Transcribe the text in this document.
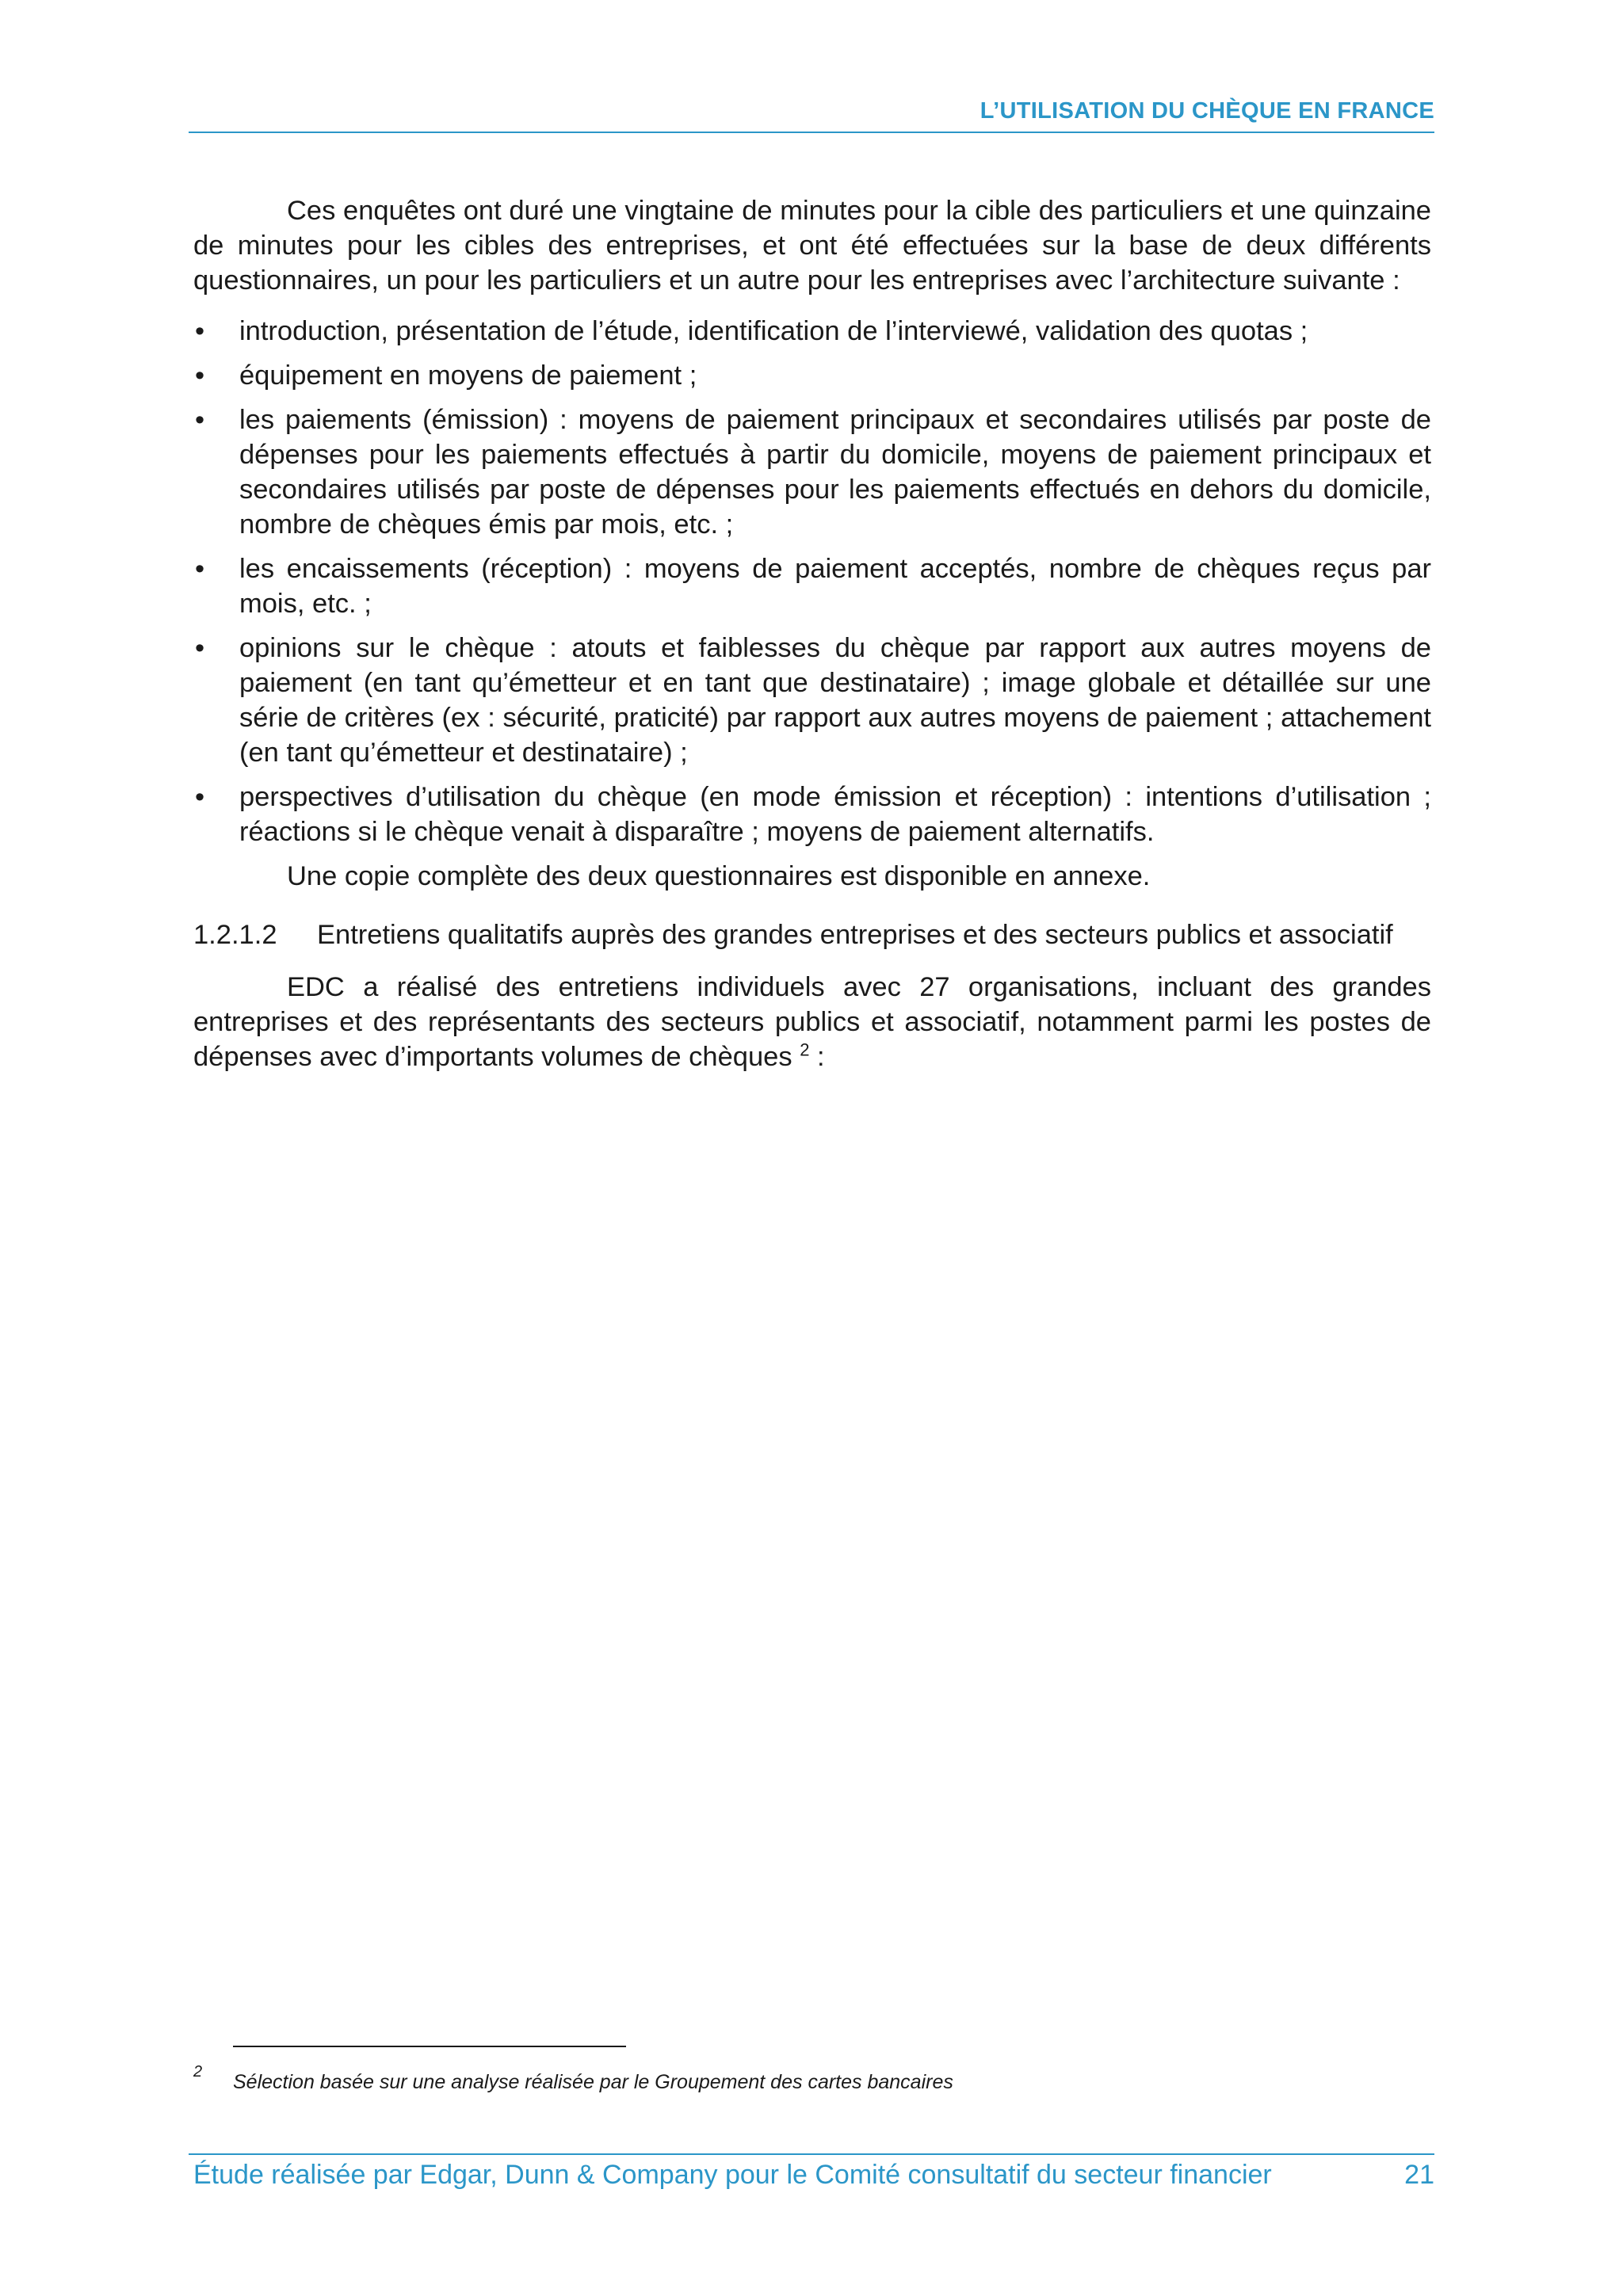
L’UTILISATION DU CHÈQUE EN FRANCE

Ces enquêtes ont duré une vingtaine de minutes pour la cible des particuliers et une quinzaine de minutes pour les cibles des entreprises, et ont été effectuées sur la base de deux différents questionnaires, un pour les particuliers et un autre pour les entreprises avec l’architecture suivante :

• introduction, présentation de l’étude, identification de l’interviewé, validation des quotas ;
• équipement en moyens de paiement ;
• les paiements (émission) : moyens de paiement principaux et secondaires utilisés par poste de dépenses pour les paiements effectués à partir du domicile, moyens de paiement principaux et secondaires utilisés par poste de dépenses pour les paiements effectués en dehors du domicile, nombre de chèques émis par mois, etc. ;
• les encaissements (réception) : moyens de paiement acceptés, nombre de chèques reçus par mois, etc. ;
• opinions sur le chèque : atouts et faiblesses du chèque par rapport aux autres moyens de paiement (en tant qu’émetteur et en tant que destinataire) ; image globale et détaillée sur une série de critères (ex : sécurité, praticité) par rapport aux autres moyens de paiement ; attachement (en tant qu’émetteur et destinataire) ;
• perspectives d’utilisation du chèque (en mode émission et réception) : intentions d’utilisation ; réactions si le chèque venait à disparaître ; moyens de paiement alternatifs.

Une copie complète des deux questionnaires est disponible en annexe.

1.2.1.2	Entretiens qualitatifs auprès des grandes entreprises et des secteurs publics et associatif

EDC a réalisé des entretiens individuels avec 27 organisations, incluant des grandes entreprises et des représentants des secteurs publics et associatif, notamment parmi les postes de dépenses avec d’importants volumes de chèques $^2$ :

2 Sélection basée sur une analyse réalisée par le Groupement des cartes bancaires
Étude réalisée par Edgar, Dunn & Company pour le Comité consultatif du secteur financier	21
